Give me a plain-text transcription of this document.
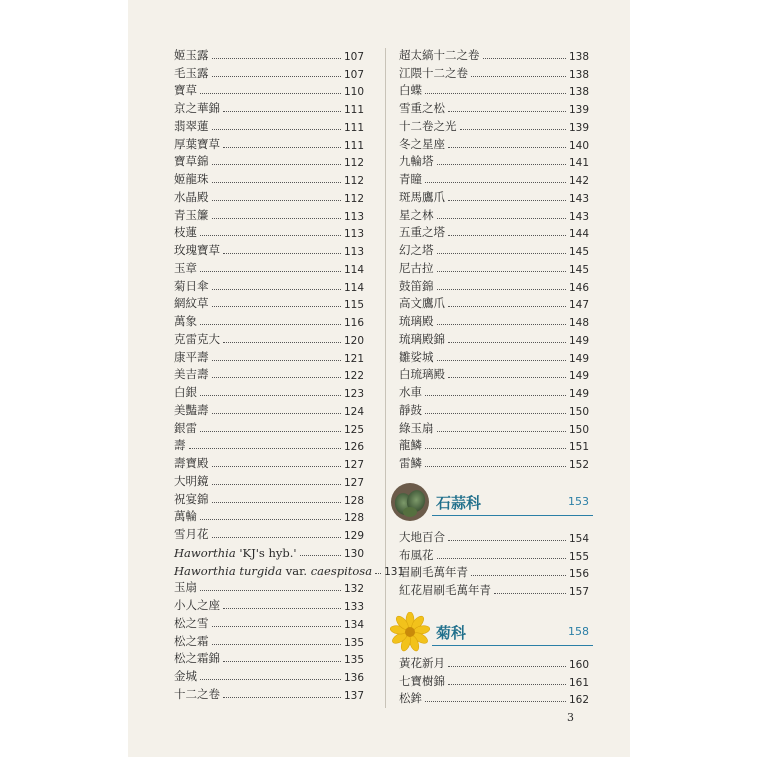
姬玉露	107
毛玉露	107
寶草	110
京之華錦	111
翡翠蓮	111
厚葉寶草	111
寶草錦	112
姬龍珠	112
水晶殿	112
青玉簾	113
枝蓮	113
玫瑰寶草	113
玉章	114
菊日傘	114
網紋草	115
萬象	116
克雷克大	120
康平壽	121
美吉壽	122
白銀	123
美豔壽	124
銀雷	125
壽	126
壽寶殿	127
大明鏡	127
祝宴錦	128
萬輪	128
雪月花	129
Haworthia 'KJ's hyb.'	130
Haworthia turgida var. caespitosa 131
玉扇	132
小人之座	133
松之雪	134
松之霜	135
松之霜錦	135
金城	136
十二之卷	137
超太縞十二之卷	138
江隈十二之卷	138
白蝶	138
雪重之松	139
十二卷之光	139
冬之星座	140
九輪塔	141
青瞳	142
斑馬鷹爪	143
星之林	143
五重之塔	144
幻之塔	145
尼古拉	145
鼓笛錦	146
高文鷹爪	147
琉璃殿	148
琉璃殿錦	149
雛娑城	149
白琉璃殿	149
水車	149
靜鼓	150
綠玉扇	150
龍鱗	151
雷鱗	152
石蒜科	153
大地百合	154
布風花	155
眉刷毛萬年青	156
紅花眉刷毛萬年青	157
菊科	158
黃花新月	160
七寶樹錦	161
松鉾	162
3
